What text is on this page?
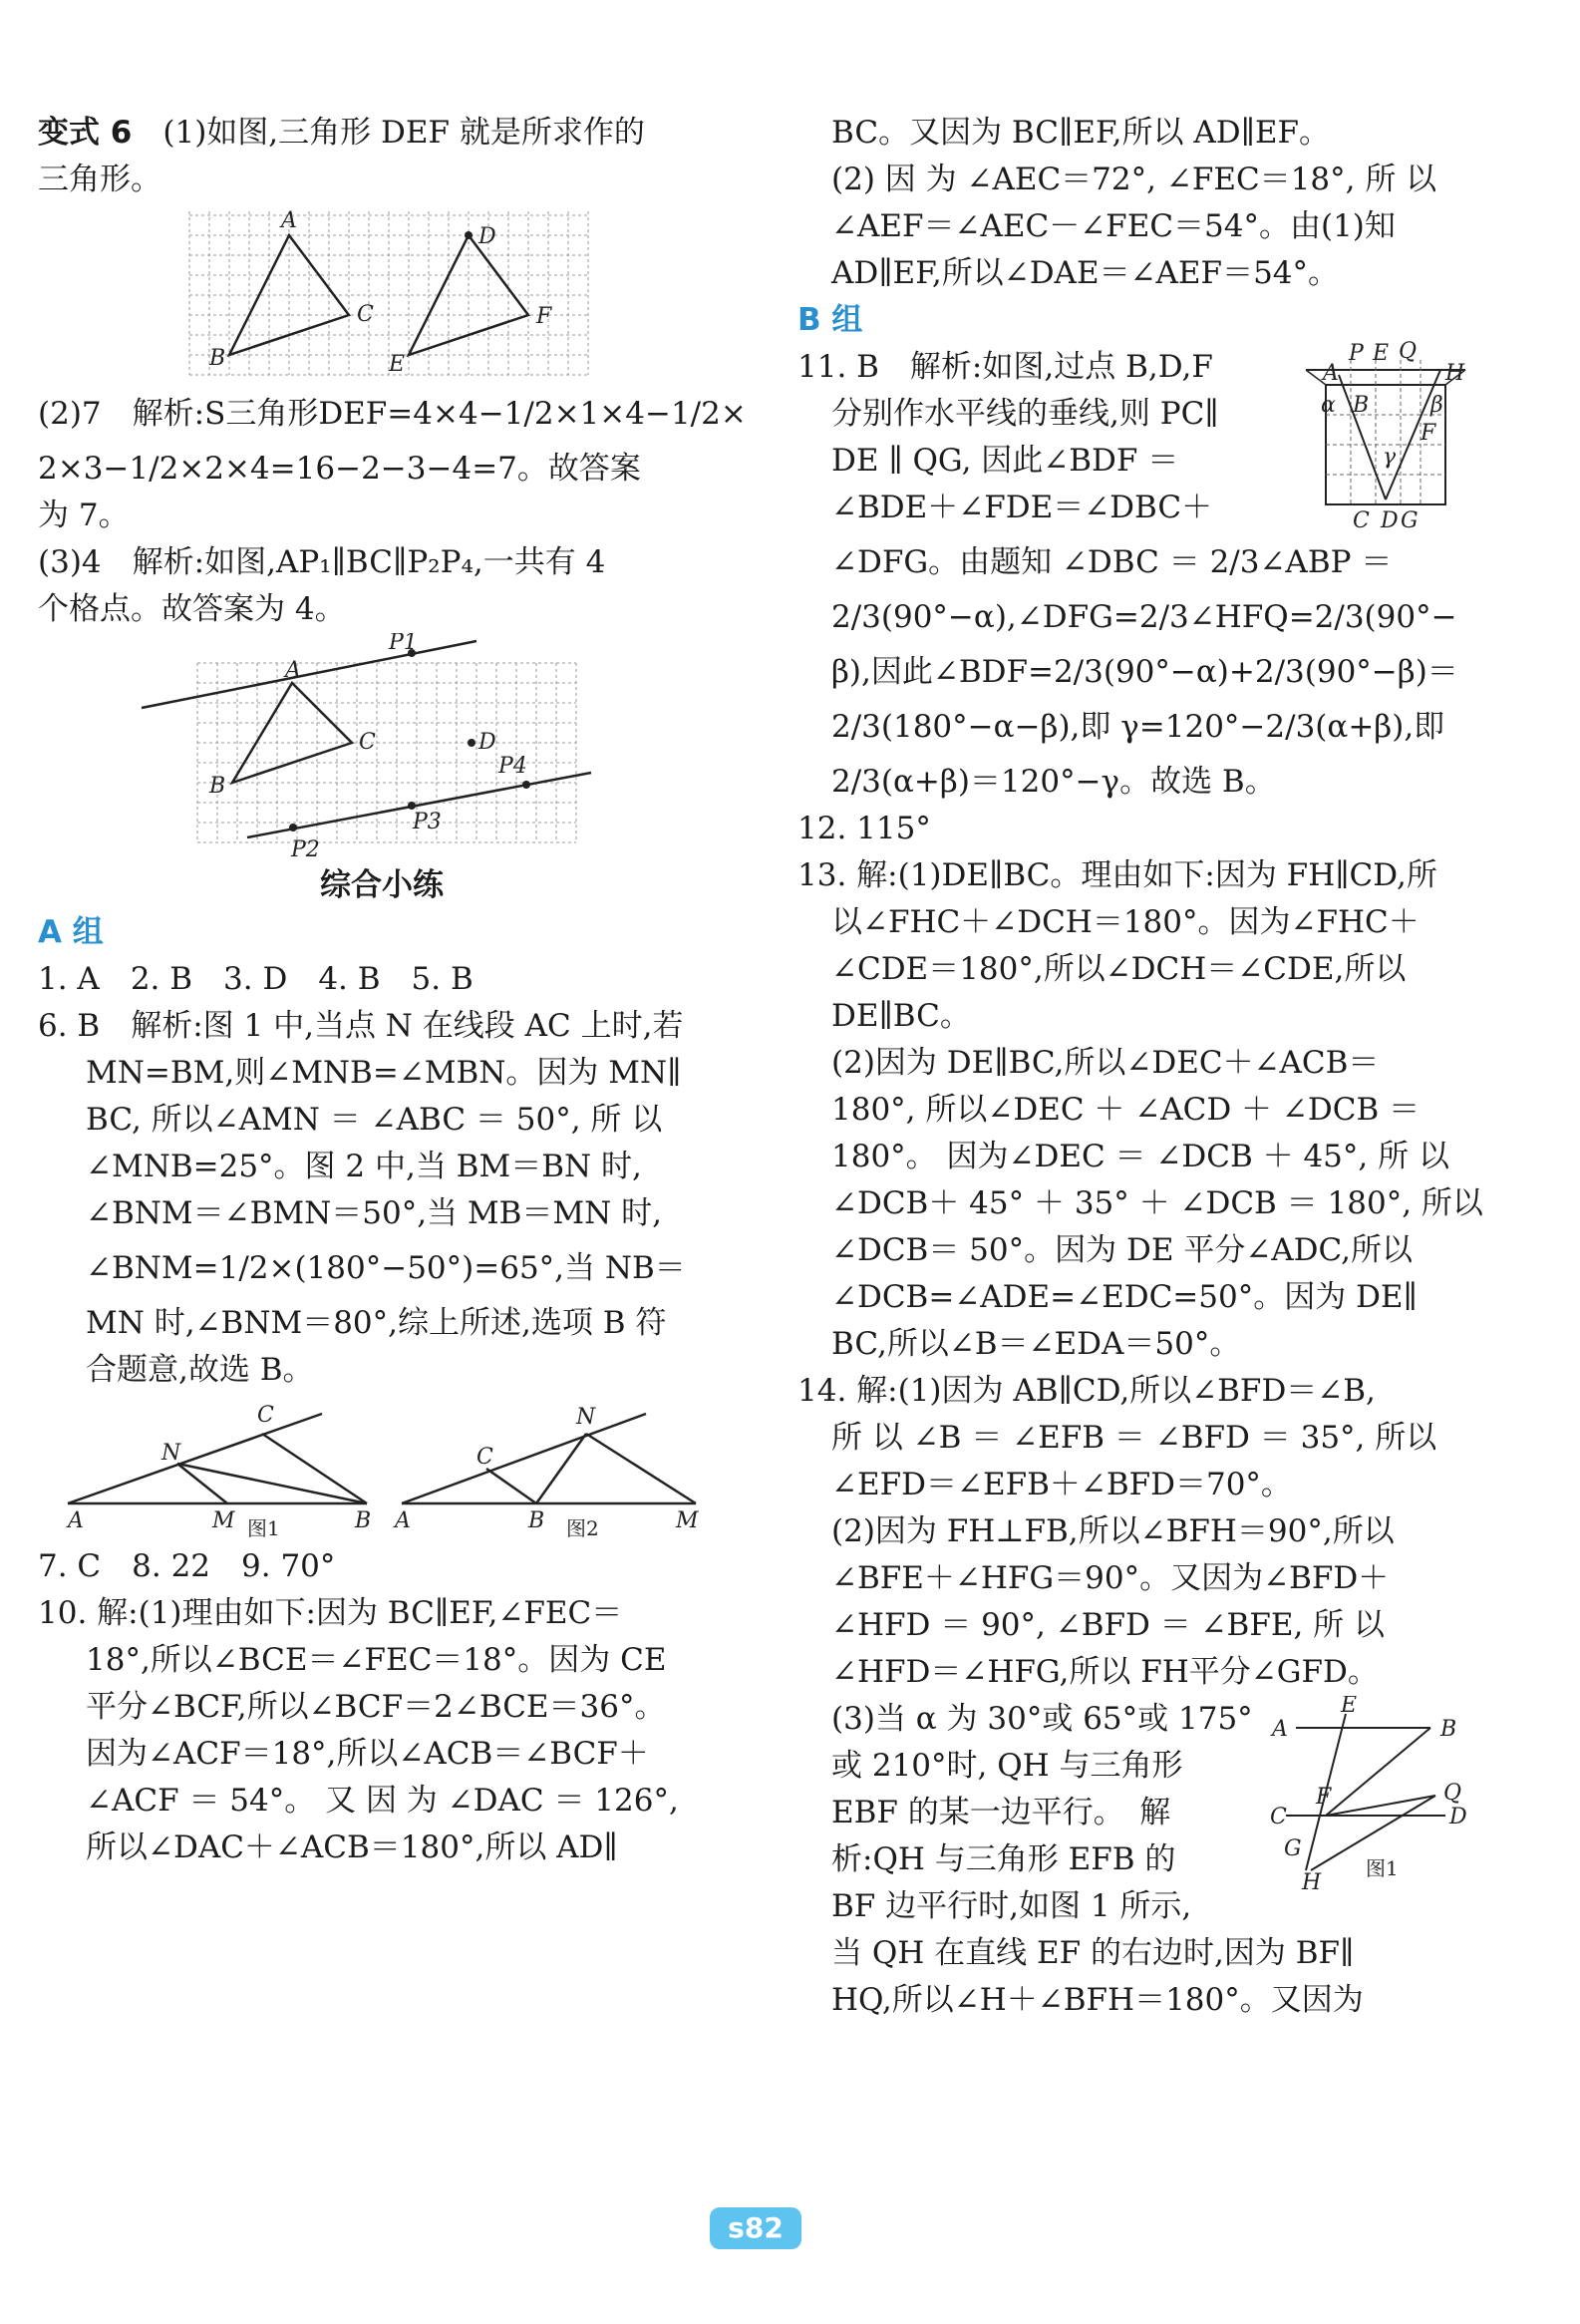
变式 6　 (1)如图,三角形 DEF 就是所求作的

三角形。

A
B
C
D
E
F

(2)7　解析:S三角形DEF=4×4−1/2×1×4−1/2×

2×3−1/2×2×4=16−2−3−4=7。故答案

为 7。

(3)4　解析:如图,AP₁∥BC∥P₂P₄,一共有 4

个格点。故答案为 4。

P1
A
B
C	D
P4
P3
P2

综合小练

A 组

1. A　2. B　3. D　4. B　5. B

6. B　解析:图 1 中,当点 N 在线段 AC 上时,若

MN=BM,则∠MNB=∠MBN。因为 MN∥

BC, 所以∠AMN ＝ ∠ABC ＝ 50°, 所 以

∠MNB=25°。图 2 中,当 BM＝BN 时,

∠BNM＝∠BMN＝50°,当 MB＝MN 时,

∠BNM=1/2×(180°−50°)=65°,当 NB＝

MN 时,∠BNM＝80°,综上所述,选项 B 符

合题意,故选 B。

C
N
A	M	B
图1
N
C
A	B	M
图2

7. C　8. 22　9. 70°

10. 解:(1)理由如下:因为 BC∥EF,∠FEC＝

18°,所以∠BCE＝∠FEC＝18°。因为 CE

平分∠BCF,所以∠BCF＝2∠BCE＝36°。

因为∠ACF＝18°,所以∠ACB＝∠BCF＋

∠ACF ＝ 54°。 又 因 为 ∠DAC ＝ 126°,

所以∠DAC＋∠ACB＝180°,所以 AD∥

BC。又因为 BC∥EF,所以 AD∥EF。

(2) 因 为 ∠AEC＝72°, ∠FEC＝18°, 所 以

∠AEF＝∠AEC－∠FEC＝54°。由(1)知

AD∥EF,所以∠DAE＝∠AEF＝54°。

B 组

11. B　解析:如图,过点 B,D,F

分别作水平线的垂线,则 PC∥

DE ∥ QG, 因此∠BDF ＝

∠BDE＋∠FDE＝∠DBC＋

P E Q
A	H
α B	β
F
γ
C D G

∠DFG。由题知 ∠DBC ＝ 2/3∠ABP ＝

2/3(90°−α),∠DFG=2/3∠HFQ=2/3(90°−

β),因此∠BDF=2/3(90°−α)+2/3(90°−β)＝

2/3(180°−α−β),即 γ=120°−2/3(α+β),即

2/3(α+β)＝120°−γ。故选 B。

12. 115°

13. 解:(1)DE∥BC。理由如下:因为 FH∥CD,所

以∠FHC＋∠DCH＝180°。因为∠FHC＋

∠CDE＝180°,所以∠DCH＝∠CDE,所以

DE∥BC。

(2)因为 DE∥BC,所以∠DEC＋∠ACB＝

180°, 所以∠DEC ＋ ∠ACD ＋ ∠DCB ＝

180°。 因为∠DEC ＝ ∠DCB ＋ 45°, 所 以

∠DCB＋ 45° ＋ 35° ＋ ∠DCB ＝ 180°, 所以

∠DCB＝ 50°。因为 DE 平分∠ADC,所以

∠DCB=∠ADE=∠EDC=50°。因为 DE∥

BC,所以∠B＝∠EDA＝50°。

14. 解:(1)因为 AB∥CD,所以∠BFD＝∠B,

所 以 ∠B ＝ ∠EFB ＝ ∠BFD ＝ 35°, 所以

∠EFD＝∠EFB＋∠BFD＝70°。

(2)因为 FH⊥FB,所以∠BFH＝90°,所以

∠BFE＋∠HFG＝90°。又因为∠BFD＋

∠HFD ＝ 90°, ∠BFD ＝ ∠BFE, 所 以

∠HFD＝∠HFG,所以 FH平分∠GFD。

(3)当 α 为 30°或 65°或 175°

或 210°时, QH 与三角形

EBF 的某一边平行。　解

析:QH 与三角形 EFB 的

BF 边平行时,如图 1 所示,

A
E
B
C
F	Q
D
G
H
图1

当 QH 在直线 EF 的右边时,因为 BF∥

HQ,所以∠H＋∠BFH＝180°。又因为

s82
